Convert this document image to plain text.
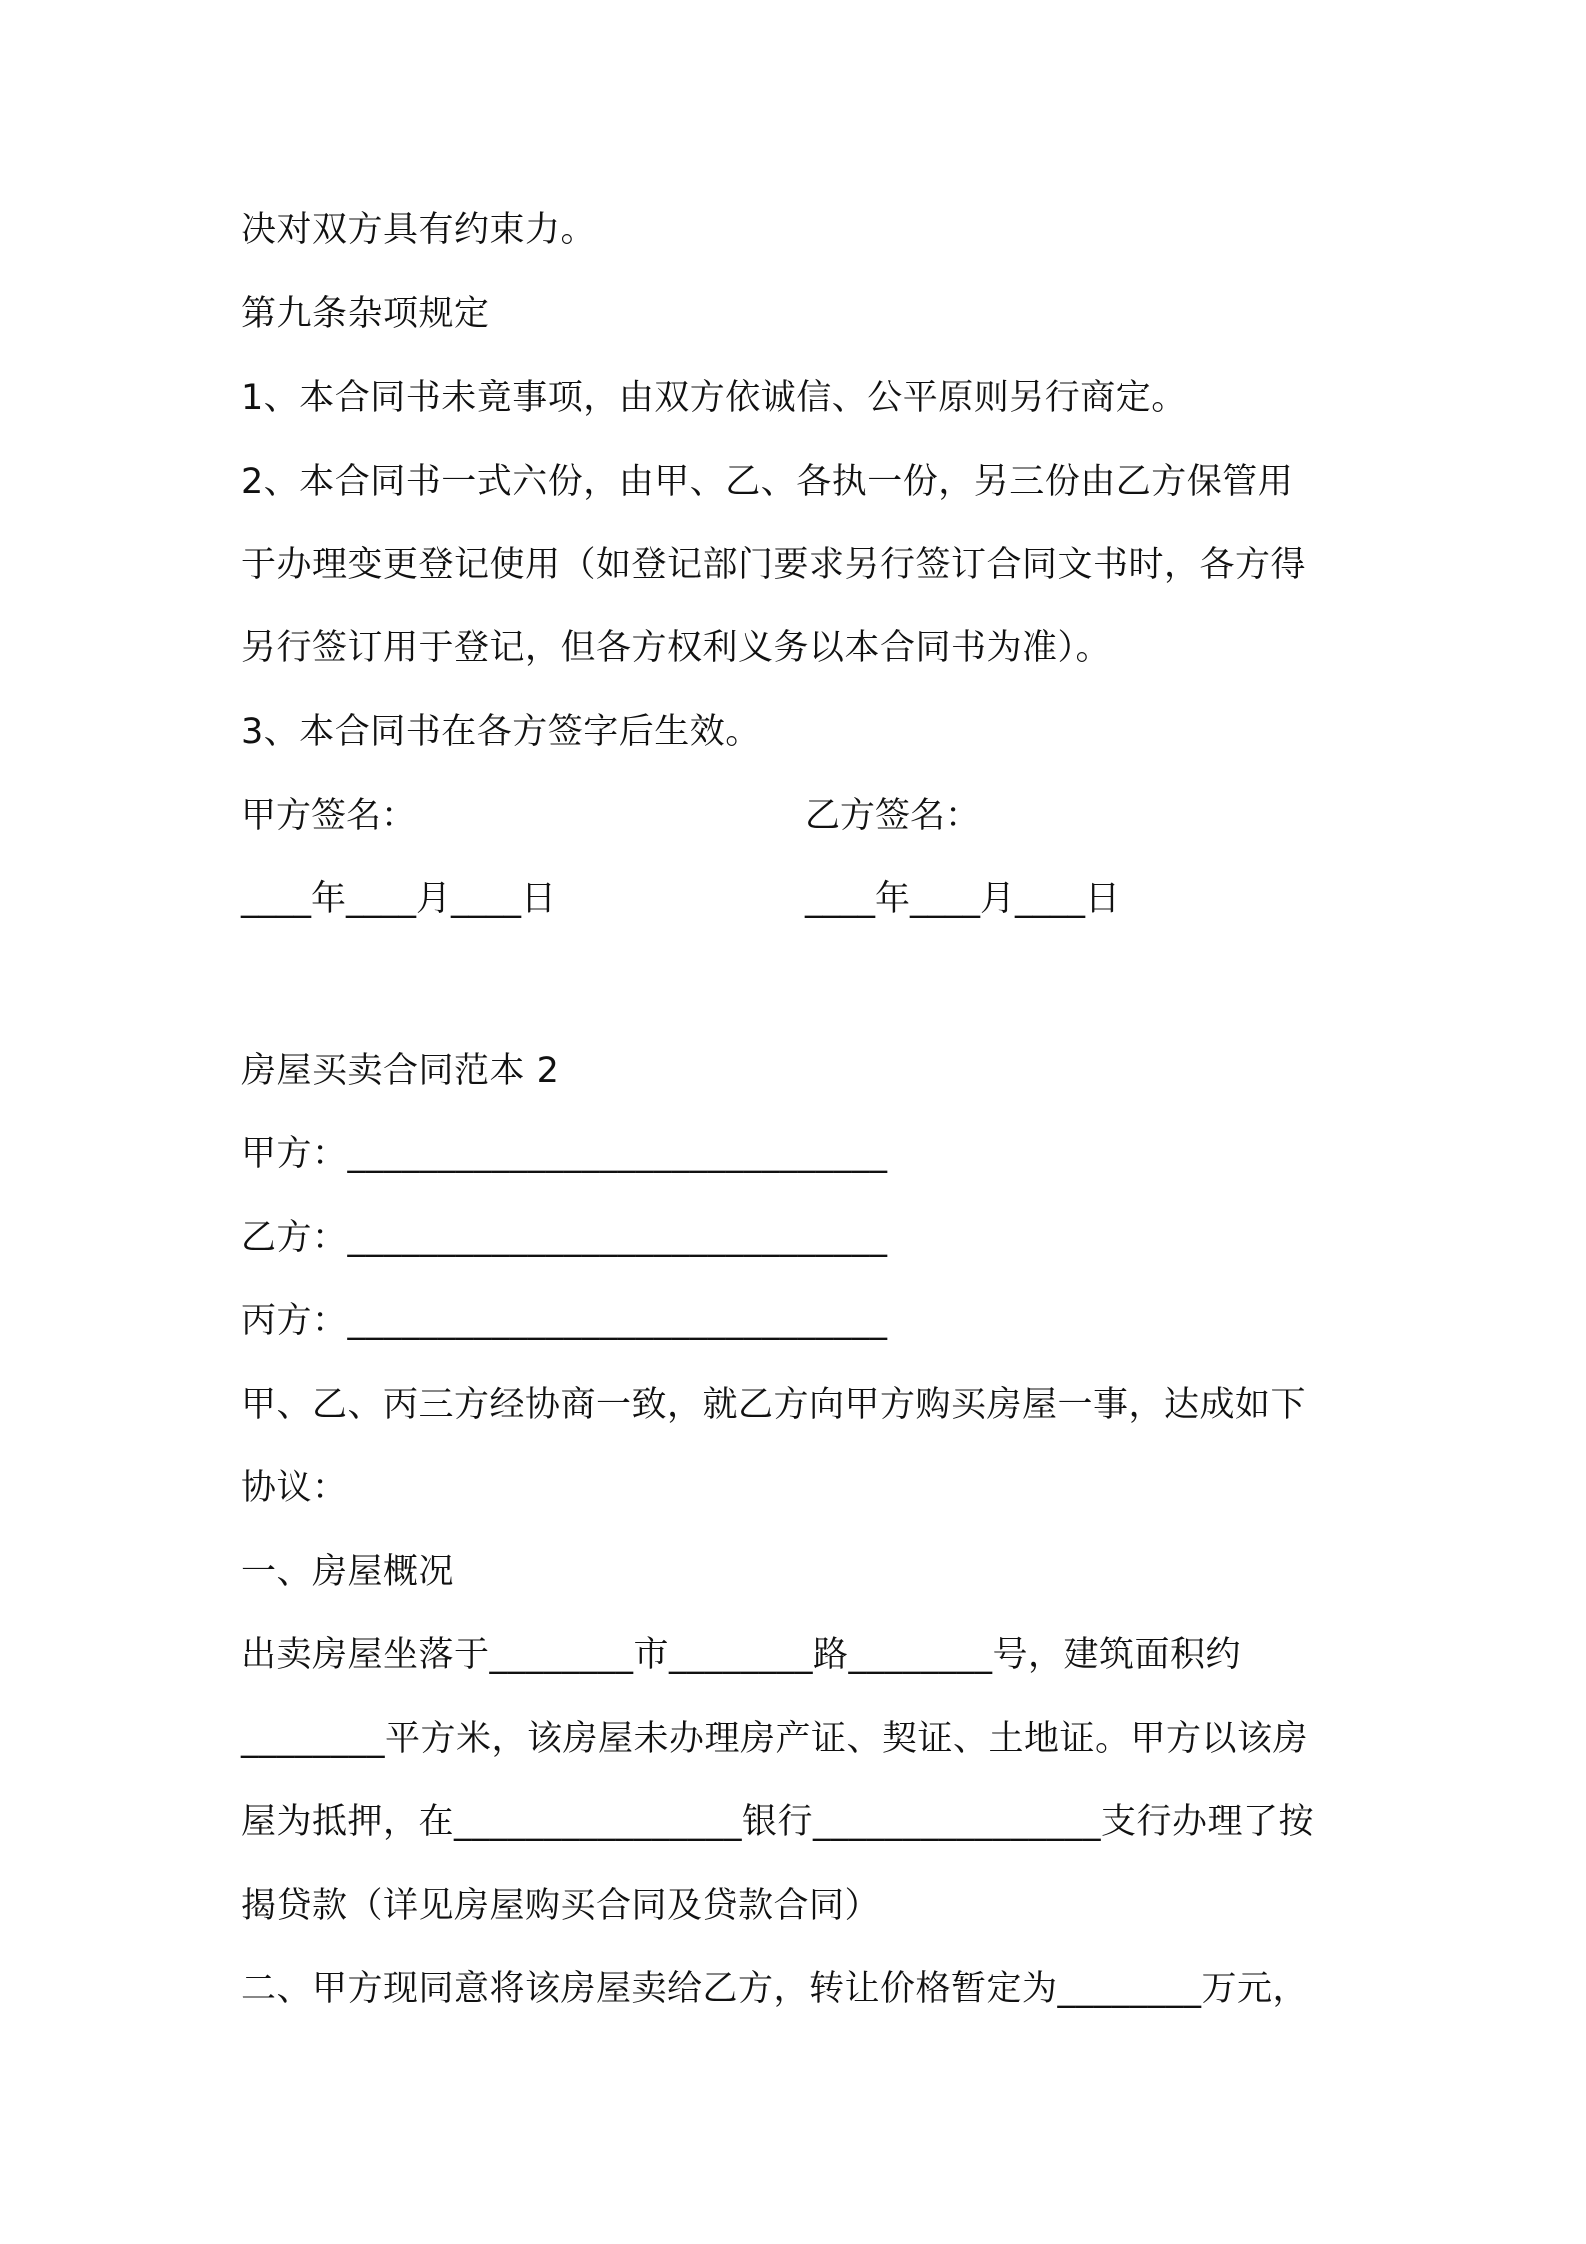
决对双方具有约束力。
第九条杂项规定
1、本合同书未竟事项，由双方依诚信、公平原则另行商定。
2、本合同书一式六份，由甲、乙、各执一份，另三份由乙方保管用
于办理变更登记使用（如登记部门要求另行签订合同文书时，各方得
另行签订用于登记，但各方权利义务以本合同书为准）。
3、本合同书在各方签字后生效。
甲方签名：	乙方签名：
____年____月____日	____年____月____日
房屋买卖合同范本 2
甲方：______________________________
乙方：______________________________
丙方：______________________________
甲、乙、丙三方经协商一致，就乙方向甲方购买房屋一事，达成如下
协议：
一、房屋概况
出卖房屋坐落于________市________路________号，建筑面积约
________平方米，该房屋未办理房产证、契证、土地证。甲方以该房
屋为抵押，在________________银行________________支行办理了按
揭贷款（详见房屋购买合同及贷款合同）
二、甲方现同意将该房屋卖给乙方，转让价格暂定为________万元，
